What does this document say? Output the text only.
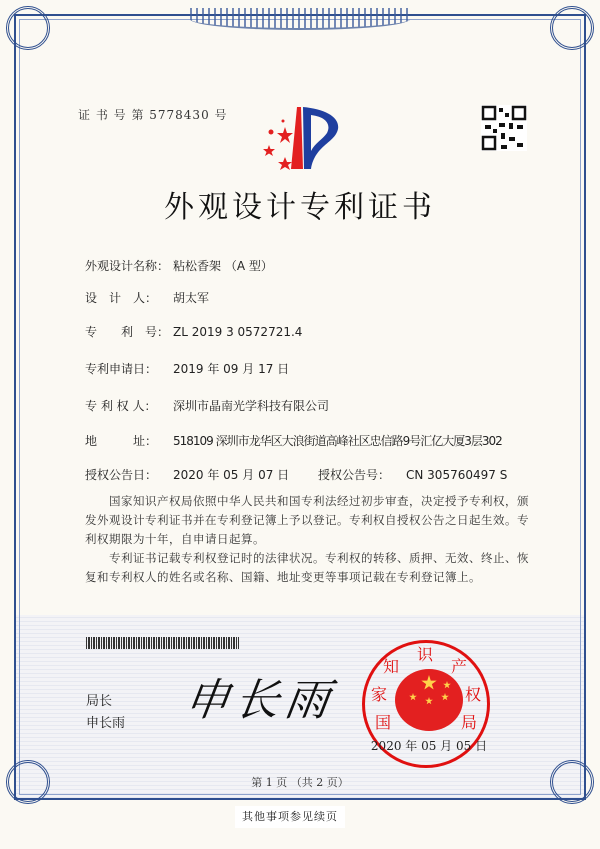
证 书 号 第 5778430 号
外观设计专利证书
外观设计名称： 粘松香架 （A 型）
设　计　人：	胡太军
专　　利　号： ZL 2019 3 0572721.4
专利申请日：	2019 年 09 月 17 日
专 利 权 人：	深圳市晶南光学科技有限公司
地　　　址：	518109 深圳市龙华区大浪街道高峰社区忠信路9号汇亿大厦3层302
授权公告日：	2020 年 05 月 07 日 授权公告号：	CN 305760497 S

国家知识产权局依照中华人民共和国专利法经过初步审查，决定授予专利权，颁发外观设计专利证书并在专利登记簿上予以登记。专利权自授权公告之日起生效。专利权期限为十年，自申请日起算。

专利证书记载专利权登记时的法律状况。专利权的转移、质押、无效、终止、恢复和专利权人的姓名或名称、国籍、地址变更等事项记载在专利登记簿上。

局长
申长雨 申长雨 国
家
知
识
产
权
局
2020 年 05 月 05 日
第 1 页 （共 2 页）
其他事项参见续页
